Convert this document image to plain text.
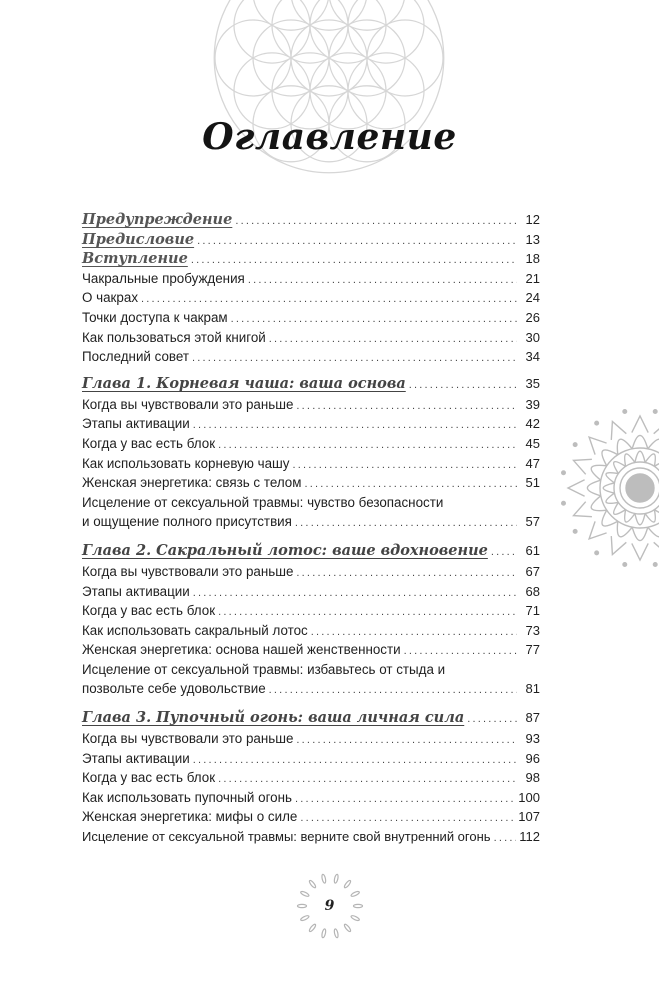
Оглавление
Предупреждение .....	12
Предисловие .....	13
Вступление .....	18
Чакральные пробуждения .....	21
О чакрах .....	24
Точки доступа к чакрам .....	26
Как пользоваться этой книгой .....	30
Последний совет .....	34
Глава 1. Корневая чаша: ваша основа .....	35
Когда вы чувствовали это раньше .....	39
Этапы активации .....	42
Когда у вас есть блок .....	45
Как использовать корневую чашу .....	47
Женская энергетика: связь с телом .....	51
Исцеление от сексуальной травмы: чувство безопасности
и ощущение полного присутствия .....	57
Глава 2. Сакральный лотос: ваше вдохновение .....	61
Когда вы чувствовали это раньше .....	67
Этапы активации .....	68
Когда у вас есть блок .....	71
Как использовать сакральный лотос .....	73
Женская энергетика: основа нашей женственности .....	77
Исцеление от сексуальной травмы: избавьтесь от стыда и
позвольте себе удовольствие .....	81
Глава 3. Пупочный огонь: ваша личная сила .....	87
Когда вы чувствовали это раньше .....	93
Этапы активации .....	96
Когда у вас есть блок .....	98
Как использовать пупочный огонь .....	100
Женская энергетика: мифы о силе .....	107
Исцеление от сексуальной травмы: верните свой внутренний огонь ..... 112
9
